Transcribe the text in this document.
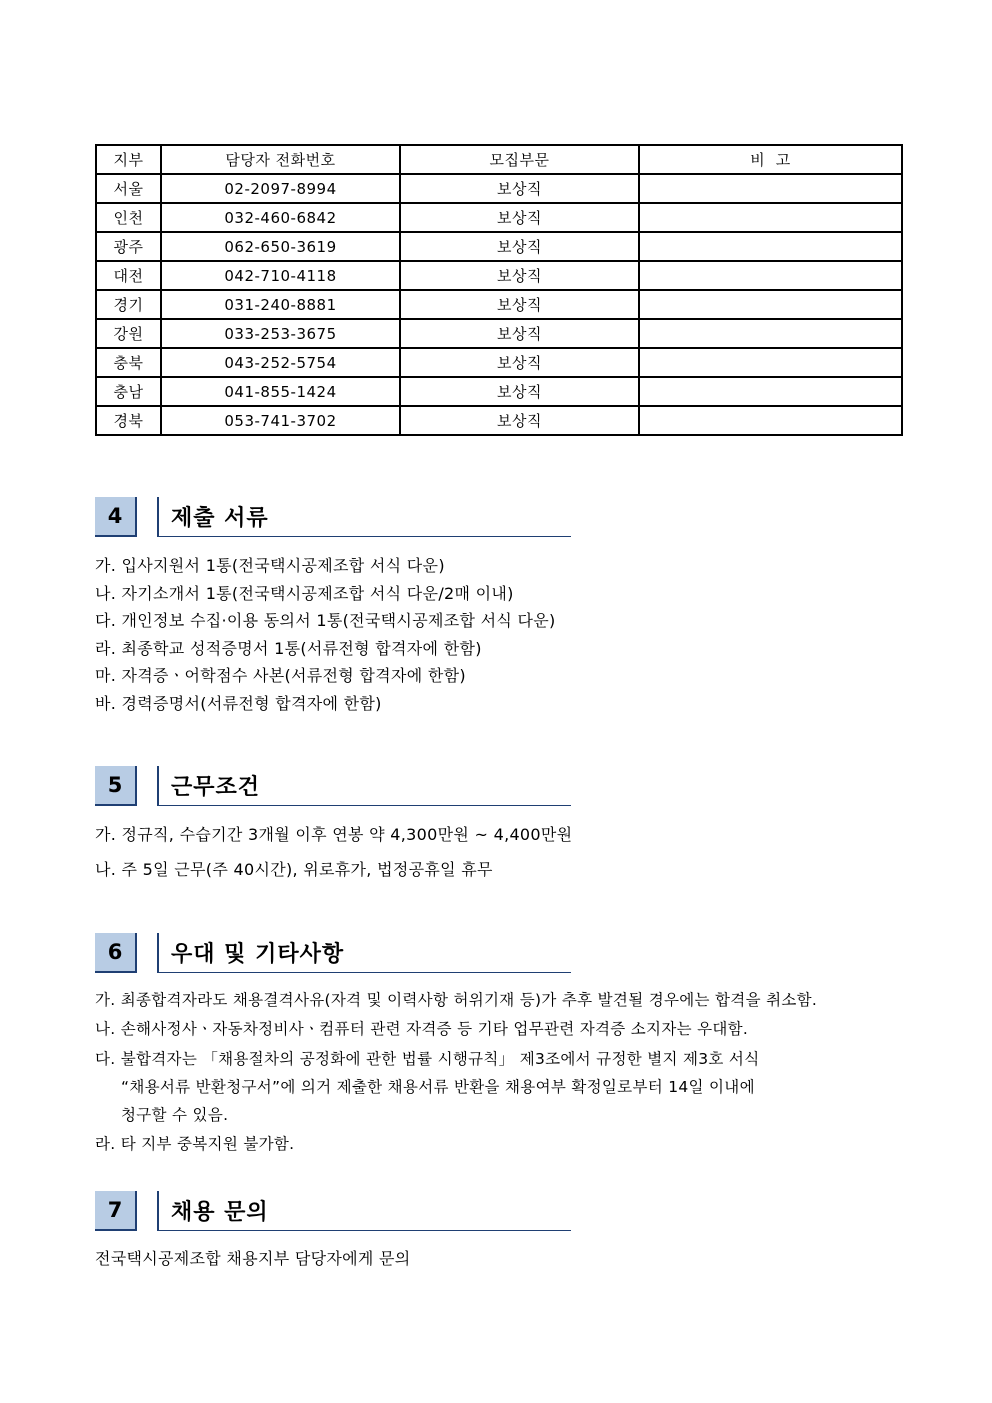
지부	담당자 전화번호	모집부문	비  고
서울	02-2097-8994	보상직	
인천	032-460-6842	보상직	
광주	062-650-3619	보상직	
대전	042-710-4118	보상직	
경기	031-240-8881	보상직	
강원	033-253-3675	보상직	
충북	043-252-5754	보상직	
충남	041-855-1424	보상직	
경북	053-741-3702	보상직	
4	제출 서류
가. 입사지원서 1통(전국택시공제조합 서식 다운)
나. 자기소개서 1통(전국택시공제조합 서식 다운/2매 이내)
다. 개인정보 수집·이용 동의서 1통(전국택시공제조합 서식 다운)
라. 최종학교 성적증명서 1통(서류전형 합격자에 한함)
마. 자격증ㆍ어학점수 사본(서류전형 합격자에 한함)
바. 경력증명서(서류전형 합격자에 한함)
5	근무조건
가. 정규직, 수습기간 3개월 이후 연봉 약 4,300만원 ~ 4,400만원
나. 주 5일 근무(주 40시간), 위로휴가, 법정공휴일 휴무
6	우대 및 기타사항
가. 최종합격자라도 채용결격사유(자격 및 이력사항 허위기재 등)가 추후 발견될 경우에는 합격을 취소함.
나. 손해사정사ㆍ자동차정비사ㆍ컴퓨터 관련 자격증 등 기타 업무관련 자격증 소지자는 우대함.
다. 불합격자는 「채용절차의 공정화에 관한 법률 시행규칙」 제3조에서 규정한 별지 제3호 서식
“채용서류 반환청구서”에 의거 제출한 채용서류 반환을 채용여부 확정일로부터 14일 이내에
청구할 수 있음.
라. 타 지부 중복지원 불가함.
7	채용 문의
전국택시공제조합 채용지부 담당자에게 문의
